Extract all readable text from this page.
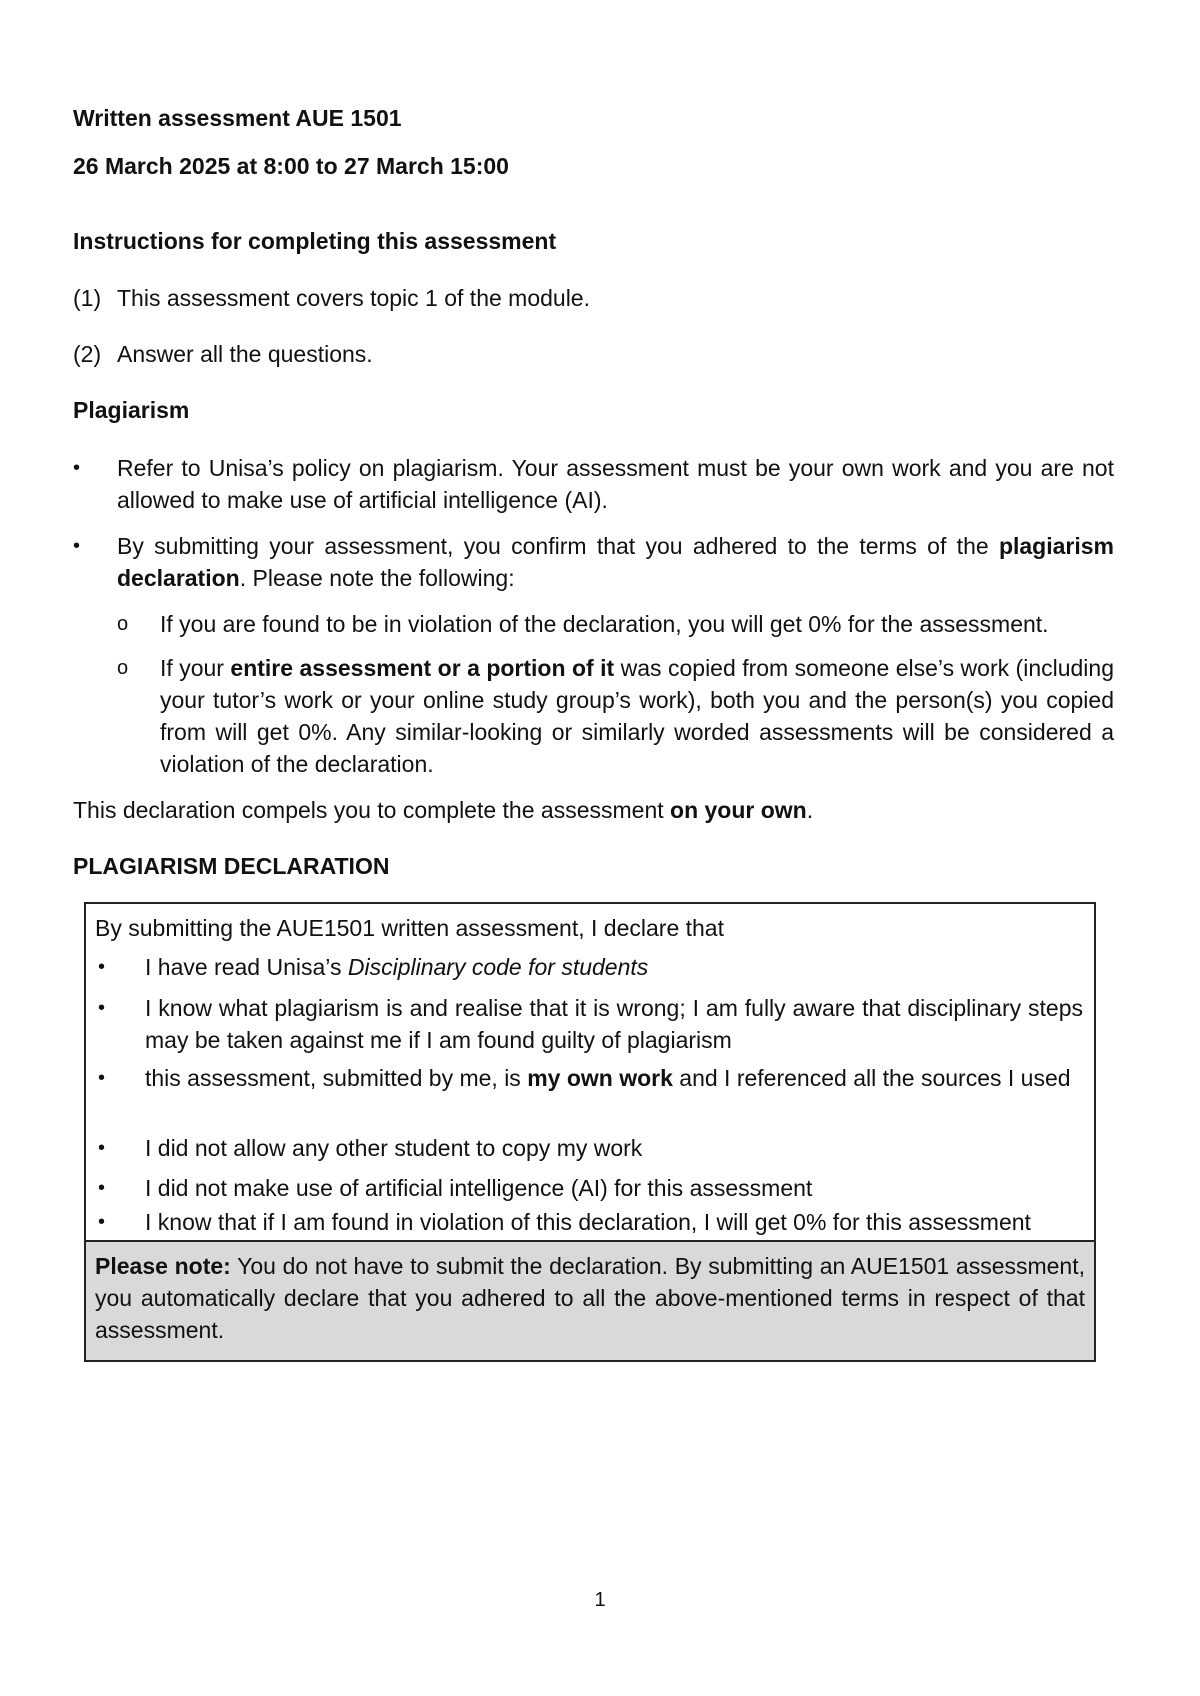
Written assessment AUE 1501
26 March 2025 at 8:00 to 27 March 15:00
Instructions for completing this assessment
(1) This assessment covers topic 1 of the module.
(2) Answer all the questions.
Plagiarism
• Refer to Unisa’s policy on plagiarism. Your assessment must be your own work and you are not allowed to make use of artificial intelligence (AI).
• By submitting your assessment, you confirm that you adhered to the terms of the plagiarism declaration. Please note the following:
o If you are found to be in violation of the declaration, you will get 0% for the assessment.
o If your entire assessment or a portion of it was copied from someone else’s work (including your tutor’s work or your online study group’s work), both you and the person(s) you copied from will get 0%. Any similar-looking or similarly worded assessments will be considered a violation of the declaration.
This declaration compels you to complete the assessment on your own.
PLAGIARISM DECLARATION
By submitting the AUE1501 written assessment, I declare that
• I have read Unisa’s Disciplinary code for students
• I know what plagiarism is and realise that it is wrong; I am fully aware that disciplinary steps may be taken against me if I am found guilty of plagiarism
• this assessment, submitted by me, is my own work and I referenced all the sources I used
• I did not allow any other student to copy my work
• I did not make use of artificial intelligence (AI) for this assessment
• I know that if I am found in violation of this declaration, I will get 0% for this assessment
Please note: You do not have to submit the declaration. By submitting an AUE1501 assessment, you automatically declare that you adhered to all the above-mentioned terms in respect of that assessment.
1
